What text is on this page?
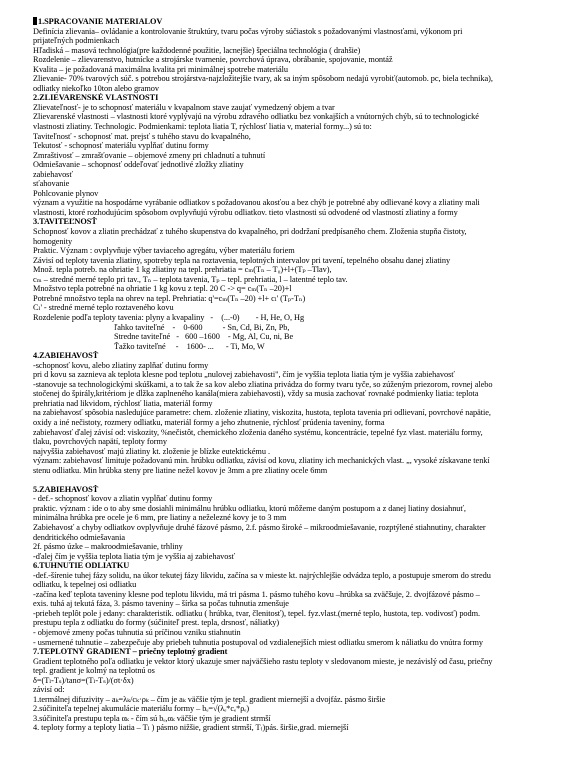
1.SPRACOVANIE MATERIALOV
Definícia zlievania– ovládanie a kontrolovanie štruktúry, tvaru počas výroby súčiastok s požadovanými vlastnosťami, výkonom pri
prijateľných podmienkach
Hľadiská – masová technológia(pre každodenné použitie, lacnejšie) špeciálna technológia ( drahšie)
Rozdelenie – zlievarenstvo, hutnícke a strojárske tvarnenie, povrchová úprava, obrábanie, spojovanie, montáž
Kvalita – je požadovaná maximálna kvalita pri minimálnej spotrebe materiálu
Zlievanie- 70% tvarových súč. s potrebou strojárstva-najzložitejšie tvary, ak sa iným spôsobom nedajú vyrobiť(automob. pc, biela technika),
odliatky niekoľko 10ton alebo gramov
2.ZLIEVARENSKÉ VLASTNOSTI
Zlievateľnosť- je to schopnosť materiálu v kvapalnom stave zaujať vymedzený objem a tvar
Zlievarenské vlastnosti – vlastnosti ktoré vyplývajú na výrobu zdravého odliatku bez vonkajších a vnútorných chýb, sú to technologické
vlastnosti zliatiny. Technologic. Podmienkami: teplota liatia T, rýchlosť liatia v, material formy...) sú to:
Taviteľnosť - schopnosť mat. prejsť s tuhého stavu do kvapalného,
Tekutosť - schopnosť materiálu vypĺňať dutinu formy
Zmraštivosť – zmrašťovanie – objemové zmeny pri chladnutí a tuhnutí
Odmiešavanie – schopnosť oddeľovať jednotlivé zložky zliatiny
zabiehavosť
sťahovanie
Pohlcovanie plynov
význam a využitie na hospodárne vyrábanie odliatkov s požadovanou akosťou a bez chýb je potrebné aby odlievané kovy a zliatiny mali
vlastnosti, ktoré rozhodujúcim spôsobom ovplyvňujú výrobu odliatkov. tieto vlastnosti sú odvodené od vlastností zliatiny a formy
3.TAVITEĽNOSŤ
Schopnosť kovov a zliatin prechádzať z tuhého skupenstva do kvapalného, pri dodržaní predpísaného chem. Zloženia stupňa čistoty,
homogenity
Praktic. Význam : ovplyvňuje výber taviaceho agregátu, výber materiálu foriem
Závisí od teploty tavenia zliatiny, spotreby tepla na roztavenia, teplotných intervalov pri tavení, tepelného obsahu danej zliatiny
Množ. tepla potreb. na ohriatie 1 kg zliatiny na tepl. prehriatia = cₘ(Tₙ – T₀)+l+(Tₚ –Tlav),
cₘ – stredné merné teplo pri tav., Tₙ – teplota tavenia, Tₚ – tepl. prehriatia, l – latentné teplo tav.
Množstvo tepla potrebné na ohriatie 1 kg kovu z tepl. 20 C -> q= cₘ(Tₙ –20)+l
Potrebné množstvo tepla na ohrev na tepl. Prehriatia: q'=cₘ(Tₙ –20) +l+ cₗ' (Tₚ-Tₙ)
Cₗ' - stredné merné teplo roztaveného kovu
Rozdelenie podľa teploty tavenia: plyny a kvapaliny   -    (...-0)        - H, He, O, Hg
ľahko taviteľné    -    0-600          - Sn, Cd, Bi, Zn, Pb,
Stredne taviteľné   -   600 –1600    - Mg, Al, Cu, ni, Be
Ťažko taviteľné     -    1600- ...      - Ti, Mo, W
4.ZABIEHAVOSŤ
-schopnosť kovu, alebo zliatiny zaplňať dutinu formy
pri d kovu sa zaznieva ak teplota klesne pod teplotu „nulovej zabiehavosti", čím je vyššia teplota liatia tým je vyššia zabiehavosť
-stanovuje sa technologickými skúškami, a to tak že sa kov alebo zliatina privádza do formy tvaru tyče, so zúženým priezorom, rovnej alebo
stočenej do špirály,kritériom je dĺžka zaplneného kanála(miera zabiehavosti), vždy sa musia zachovať rovnaké podmienky liatia: teplota
prehriatia nad likvidom, rýchlosť liatia, materiál formy
na zabiehavosť spôsobia nasledujúce parametre: chem. zloženie zliatiny, viskozita, hustota, teplota tavenia pri odlievaní, povrchové napätie,
oxidy a iné nečistoty, rozmery odliatku, materiál formy a jeho zhutnenie, rýchlosť prúdenia taveniny, forma
zabiehavosť ďalej závisí od: viskozity, %nečistôt, chemického zloženia daného systému, koncentrácie, tepelné fyz vlast. materiálu formy,
tlaku, povrchových napätí, teploty formy
najvyššia zabiehavosť majú zliatiny kt. zloženie je blízke eutektickému .
význam: zabiehavosť limituje požadovanú min. hrúbku odliatku, závisí od kovu, zliatiny ich mechanických vlast. „, vysoké získavane tenkí
stenu odliatku. Min hrúbka steny pre liatine nežel kovov je 3mm a pre zliatiny ocele 6mm
5.ZABIEHAVOSŤ
- def.- schopnosť kovov a zliatin vypĺňať dutinu formy
praktic. význam : ide o to aby sme dosiahli minimálnu hrúbku odliatku, ktorú môžeme daným postupom a z danej liatiny dosiahnuť,
minimálna hrúbka pre ocele je 6 mm, pre liatiny a neželezné kovy je to 3 mm
Zabiehavosť a chyby odliatkov ovplyvňuje druhé fázové pásmo, 2.f. pásmo široké – mikroodmiešavanie, rozptýlené stiahnutiny, charakter
dendritického odmiešavania
2f. pásmo úzke – makroodmiešavanie, trhliny
-ďalej čím je vyššia teplota liatia tým je vyššia aj zabiehavosť
6.TUHNUTIE ODLIATKU
-def.-šírenie tuhej fázy solidu, na úkor tekutej fázy likvidu, začína sa v mieste kt. najrýchlejšie odvádza teplo, a postupuje smerom do stredu
odliatku, k tepelnej osi odliatku
-začína keď teplota taveniny klesne pod teplotu likvidu, má tri pásma 1. pásmo tuhého kovu –hrúbka sa zväčšuje, 2. dvojfázové pásmo –
exis. tuhá aj tekutá fáza, 3. pásmo taveniny – šírka sa počas tuhnutia zmenšuje
-priebeh teplôt pole j edany: charakteristik. odliatku ( hrúbka, tvar, členitosť), tepel. fyz.vlast.(merné teplo, hustota, tep. vodivosť) podm.
prestupu tepla z odliatku do formy (súčiniteľ prest. tepla, drsnosť, náliatky)
- objemové zmeny počas tuhnutia sú príčinou vzniku stiahnutin
- usmernené tuhnutie – zabezpečuje aby priebeh tuhnutia postupoval od vzdialenejších miest odliatku smerom k náliatku do vnútra formy
7.TEPLOTNÝ GRADIENT – priečny teplotný gradient
Gradient teplotného poľa odliatku je vektor ktorý ukazuje smer najväčšieho rastu teploty v sledovanom mieste, je nezávislý od času, priečny
tepl. gradient je kolmý na teplotnú os
δ=(Tₗ-Tₛ)/tanσ=(Tₗ-Tₛ)/(σt·δx)
závisí od:
1.termálnej difuzivity – aₖ=λₖ/cₖ·ρₖ – čím je aₖ väčšie tým je tepl. gradient miernejší a dvojfáz. pásmo širšie
2.súčiniteľa tepelnej akumulácie materiálu formy – bₑ=√(λₑ*cₑ*ρₑ)
3.súčiniteľa prestupu tepla αₖ - čím sú bₑ,αₖ väčšie tým je gradient strmší
4. teploty formy a teploty liatia – Tₗ ) pásmo nižšie, gradient strmší, T₍)pás. širšie,grad. miernejší
